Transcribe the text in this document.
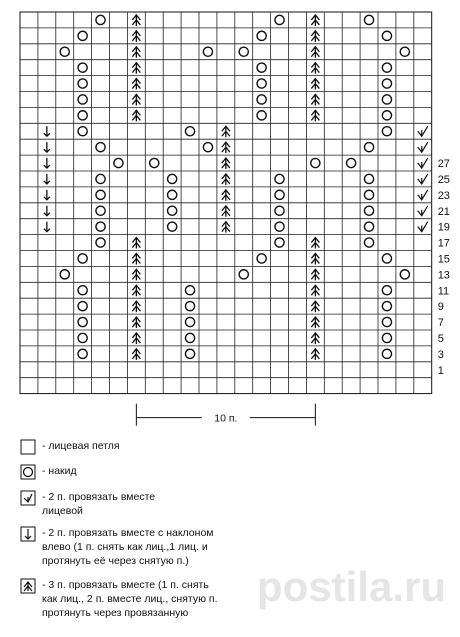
27
25
23
21
19
17
15
13
11
9
7
5
3
1
10 п.
- лицевая петля
- накид
- 2 п. провязать вместе
лицевой
- 2 п. провязать вместе с наклоном
влево (1 п. снять как лиц.,1 лиц. и
протянуть её через снятую п.)
- 3 п. провязать вместе (1 п. снять
как лиц., 2 п. вместе лиц., снятую п.
протянуть через провязанную
postila.ru
